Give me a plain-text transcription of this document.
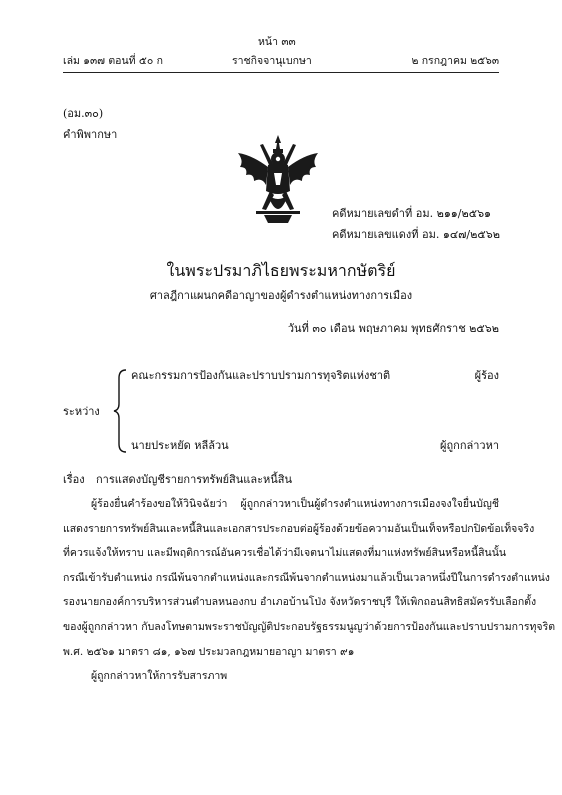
หน้า ๓๓
เล่ม ๑๓๗ ตอนที่ ๕๐ ก	ราชกิจจานุเบกษา	๒ กรกฎาคม ๒๕๖๓
(อม.๓๐)
คำพิพากษา
คดีหมายเลขดำที่ อม. ๒๑๑/๒๕๖๑
คดีหมายเลขแดงที่ อม. ๑๔๗/๒๕๖๒
ในพระปรมาภิไธยพระมหากษัตริย์
ศาลฎีกาแผนกคดีอาญาของผู้ดำรงตำแหน่งทางการเมือง
วันที่ ๓๐ เดือน พฤษภาคม พุทธศักราช ๒๕๖๒
คณะกรรมการป้องกันและปราบปรามการทุจริตแห่งชาติ	ผู้ร้อง
ระหว่าง
นายประหยัด หลีล้วน	ผู้ถูกกล่าวหา
เรื่อง การแสดงบัญชีรายการทรัพย์สินและหนี้สิน
ผู้ร้องยื่นคำร้องขอให้วินิจฉัยว่า ผู้ถูกกล่าวหาเป็นผู้ดำรงตำแหน่งทางการเมืองจงใจยื่นบัญชี
แสดงรายการทรัพย์สินและหนี้สินและเอกสารประกอบต่อผู้ร้องด้วยข้อความอันเป็นเท็จหรือปกปิดข้อเท็จจริง
ที่ควรแจ้งให้ทราบ และมีพฤติการณ์อันควรเชื่อได้ว่ามีเจตนาไม่แสดงที่มาแห่งทรัพย์สินหรือหนี้สินนั้น
กรณีเข้ารับตำแหน่ง กรณีพ้นจากตำแหน่งและกรณีพ้นจากตำแหน่งมาแล้วเป็นเวลาหนึ่งปีในการดำรงตำแหน่ง
รองนายกองค์การบริหารส่วนตำบลหนองกบ อำเภอบ้านโป่ง จังหวัดราชบุรี ให้เพิกถอนสิทธิสมัครรับเลือกตั้ง
ของผู้ถูกกล่าวหา กับลงโทษตามพระราชบัญญัติประกอบรัฐธรรมนูญว่าด้วยการป้องกันและปราบปรามการทุจริต
พ.ศ. ๒๕๖๑ มาตรา ๘๑, ๑๖๗ ประมวลกฎหมายอาญา มาตรา ๙๑
ผู้ถูกกล่าวหาให้การรับสารภาพ
